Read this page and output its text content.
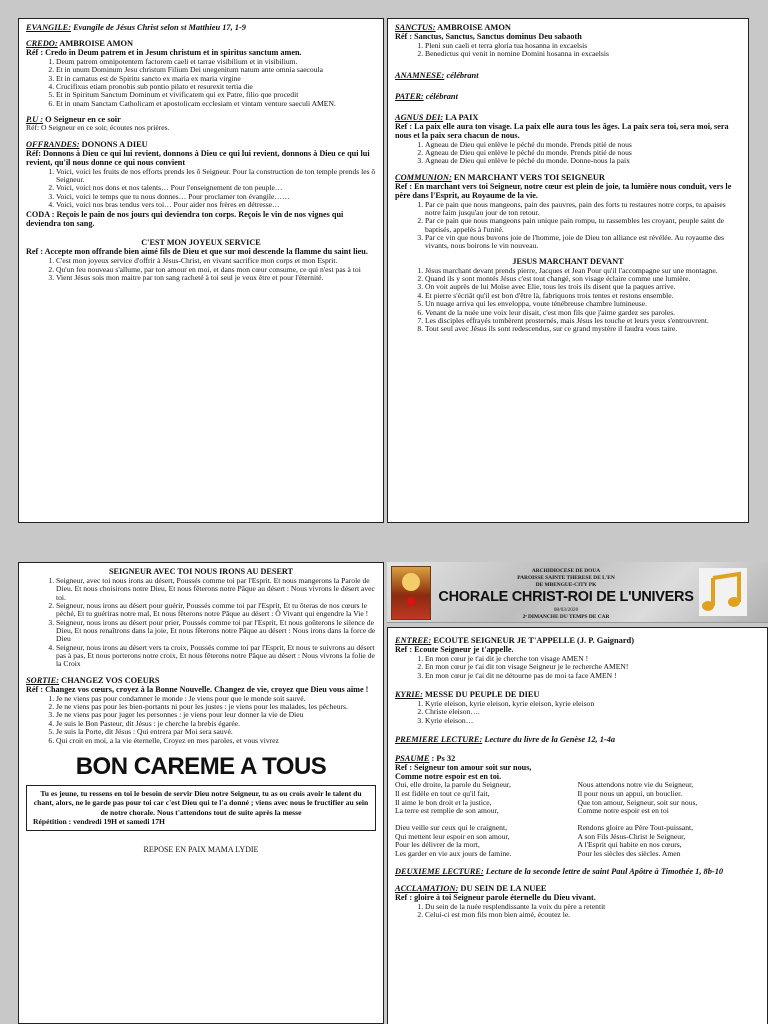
EVANGILE: Evangile de Jésus Christ selon st Matthieu 17, 1-9
CREDO: AMBROISE AMON
Réf : Credo in Deum patrem et in Jesum christum et in spiritus sanctum amen.
1. Deum patrem omnipotentem factorem caeli et tarrae visibilium et in visibilium.
2. Et in unum Dominum Jesu christum Filium Dei unegenitum natum ante omnia saecoula
3. Et in carnatus est de Spiritu sancto ex maria ex maria virgine
4. Crucifixus etiam pronobis sub pontio pilato et resurexit tertia die
5. Et in Spiritum Sanctum Dominum et vivificatem qui ex Patre, filio que procedit
6. Et in unam Sanctam Catholicam et apostolicam ecclesiam et vintam venture saeculi AMEN.
P.U : O Seigneur en ce soir
Réf: O Seigneur en ce soir, écoutes nos prières.
OFFRANDES: DONONS A DIEU
Réf: Donnons à Dieu ce qui lui revient, donnons à Dieu ce qui lui revient, donnons à Dieu ce qui lui revient, qu'il nous donne ce qui nous convient
1. Voici, voici les fruits de nos efforts prends les ô Seigneur. Pour la construction de ton temple prends les ô Seigneur.
2. Voici, voici nos dons et nos talents… Pour l'enseignement de ton peuple…
3. Voici, voici le temps que tu nous donnes… Pour proclamer ton évangile……
4. Voici, voici nos bras tendus vers toi… Pour aider nos frères en détresse…
CODA : Reçois le pain de nos jours qui deviendra ton corps. Reçois le vin de nos vignes qui deviendra ton sang.
C'EST MON JOYEUX SERVICE
Ref : Accepte mon offrande bien aimé fils de Dieu et que sur moi descende la flamme du saint lieu.
1. C'est mon joyeux service d'offrir à Jésus-Christ, en vivant sacrifice mon corps et mon Esprit.
2. Qu'un feu nouveau s'allume, par ton amour en moi, et dans mon cœur consume, ce qui n'est pas à toi
3. Vient Jésus sois mon maitre par ton sang racheté à toi seul je veux être et pour l'éternité.
SANCTUS: AMBROISE AMON
Réf : Sanctus, Sanctus, Sanctus dominus Deu sabaoth
1. Pleni sun caeli et terra gloria tua hosanna in excaelsis
2. Benedictus qui venit in nomine Domini hosanna in excaelsis
ANAMNESE: célébrant
PATER: célébrant
AGNUS DEI: LA PAIX
Ref : La paix elle aura ton visage. La paix elle aura tous les âges. La paix sera toi, sera moi, sera nous et la paix sera chacun de nous.
1. Agneau de Dieu qui enlève le péché du monde. Prends pitié de nous
2. Agneau de Dieu qui enlève le péché du monde. Prends pitié de nous
3. Agneau de Dieu qui enlève le péché du monde. Donne-nous la paix
COMMUNION: EN MARCHANT VERS TOI SEIGNEUR
Ref : En marchant vers toi Seigneur, notre cœur est plein de joie, ta lumière nous conduit, vers le père dans l'Esprit, au Royaume de la vie.
1. Par ce pain que nous mangeons, pain des pauvres, pain des forts tu restaures notre corps, tu apaises notre faim jusqu'au jour de ton retour.
2. Par ce pain que nous mangeons pain unique pain rompu, tu rassembles les croyant, peuple saint de baptisés, appelés à l'unité.
3. Par ce vin que nous buvons joie de l'homme, joie de Dieu ton alliance est révélée. Au royaume des vivants, nous boirons le vin nouveau.
JESUS MARCHANT DEVANT
1. Jésus marchant devant prends pierre, Jacques et Jean Pour qu'il l'accompagne sur une montagne.
2. Quand ils y sont montés Jésus c'est tout changé, son visage éclaire comme une lumière.
3. On voit auprès de lui Moïse avec Elie, tous les trois ils disent que la paques arrive.
4. Et pierre s'écriât qu'il est bon d'être là, fabriquons trois tentes et restons ensemble.
5. Un nuage arriva qui les enveloppa, voute ténébreuse chambre lumineuse.
6. Venant de la nuée une voix leur disait, c'est mon fils que j'aime gardez ses paroles.
7. Les disciples effrayés tombèrent prosternés, mais Jésus les touche et leurs yeux s'entrouvrent.
8. Tout seul avec Jésus ils sont redescendus, sur ce grand mystère il faudra vous taire.
SEIGNEUR AVEC TOI NOUS IRONS AU DESERT
1. Seigneur, avec toi nous irons au désert, Poussés comme toi par l'Esprit. Et nous mangerons la Parole de Dieu. Et nous choisirons notre Dieu, Et nous fêterons notre Pâque au désert : Nous vivrons le désert avec toi.
2. Seigneur, nous irons au désert pour guérir, Poussés comme toi par l'Esprit, Et tu ôteras de nos cœurs le péché, Et tu guériras notre mal, Et nous fêterons notre Pâque au désert : Ô Vivant qui engendre la Vie !
3. Seigneur, nous irons au désert pour prier, Poussés comme toi par l'Esprit, Et nous goûterons le silence de Dieu, Et nous renaîtrons dans la joie, Et nous fêterons notre Pâque au désert : Nous irons dans la force de Dieu
4. Seigneur, nous irons au désert vers ta croix, Poussés comme toi par l'Esprit, Et nous te suivrons au désert pas à pas, Et nous porterons notre croix, Et nous fêterons notre Pâque au désert : Nous vivrons la folie de la Croix
SORTIE: CHANGEZ VOS COEURS
Réf : Changez vos cœurs, croyez à la Bonne Nouvelle. Changez de vie, croyez que Dieu vous aime !
1. Je ne viens pas pour condamner le monde : Je viens pour que le monde soit sauvé.
2. Je ne viens pas pour les bien-portants ni pour les justes : je viens pour les malades, les pécheurs.
3. Je ne viens pas pour juger les personnes : je viens pour leur donner la vie de Dieu
4. Je suis le Bon Pasteur, dit Jésus : je cherche la brebis égarée.
5. Je suis la Porte, dit Jésus : Qui entrera par Moi sera sauvé.
6. Qui croit en moi, a la vie éternelle, Croyez en mes paroles, et vous vivrez
BON CAREME A TOUS
Tu es jeune, tu ressens en toi le besoin de servir Dieu notre Seigneur, tu as ou crois avoir le talent du chant, alors, ne le garde pas pour toi car c'est Dieu qui te l'a donné ; viens avec nous le fructifier au sein de notre chorale. Nous t'attendons tout de suite après la messe
Répétition : vendredi 19H et samedi 17H
REPOSE EN PAIX MAMA LYDIE
ARCHIDIOCESE DE DOUA
PAROISSE SAINTE THERESE DE L'EN
DE MBENGUE-CITY PK
CHORALE CHRIST-ROI DE L'UNIVERS
08/03/2020
2ᵉ DIMANCHE DU TEMPS DE CAR
ENTREE: ECOUTE SEIGNEUR JE T'APPELLE (J. P. Gaignard)
Ref : Ecoute Seigneur je t'appelle.
1. En mon cœur je t'ai dit je cherche ton visage AMEN !
2. En mon cœur je t'ai dit ton visage Seigneur je le recherche AMEN!
3. En mon cœur je t'ai dit ne détourne pas de moi ta face AMEN !
KYRIE: MESSE DU PEUPLE DE DIEU
1. Kyrie eleison, kyrie eleison, kyrie eleison, kyrie eleison
2. Christe eleison….
3. Kyrie eleison…
PREMIERE LECTURE: Lecture du livre de la Genèse 12, 1-4a
PSAUME : Ps 32
Ref : Seigneur ton amour soit sur nous,
Comme notre espoir est en toi.
Oui, elle droite, la parole du Seigneur,
Il est fidèle en tout ce qu'il fait,
Il aime le bon droit et la justice,
La terre est remplie de son amour,
Nous attendons notre vie du Seigneur,
Il pour nous un appui, un bouclier.
Que ton amour, Seigneur, soit sur nous,
Comme notre espoir est en toi
Dieu veille sur ceux qui le craignent,
Qui mettent leur espoir en son amour,
Pour les délivrer de la mort,
Les garder en vie aux jours de famine.
Rendons gloire au Père Tout-puissant,
A son Fils Jésus-Christ le Seigneur,
A l'Esprit qui habite en nos cœurs,
Pour les siècles des siècles. Amen
DEUXIEME LECTURE: Lecture de la seconde lettre de saint Paul Apôtre à Timothée 1, 8b-10
ACCLAMATION: DU SEIN DE LA NUEE
Ref : gloire à toi Seigneur parole éternelle du Dieu vivant.
1. Du sein de la nuée resplendissante la voix du père a retentit
2. Celui-ci est mon fils mon bien aimé, écoutez le.
